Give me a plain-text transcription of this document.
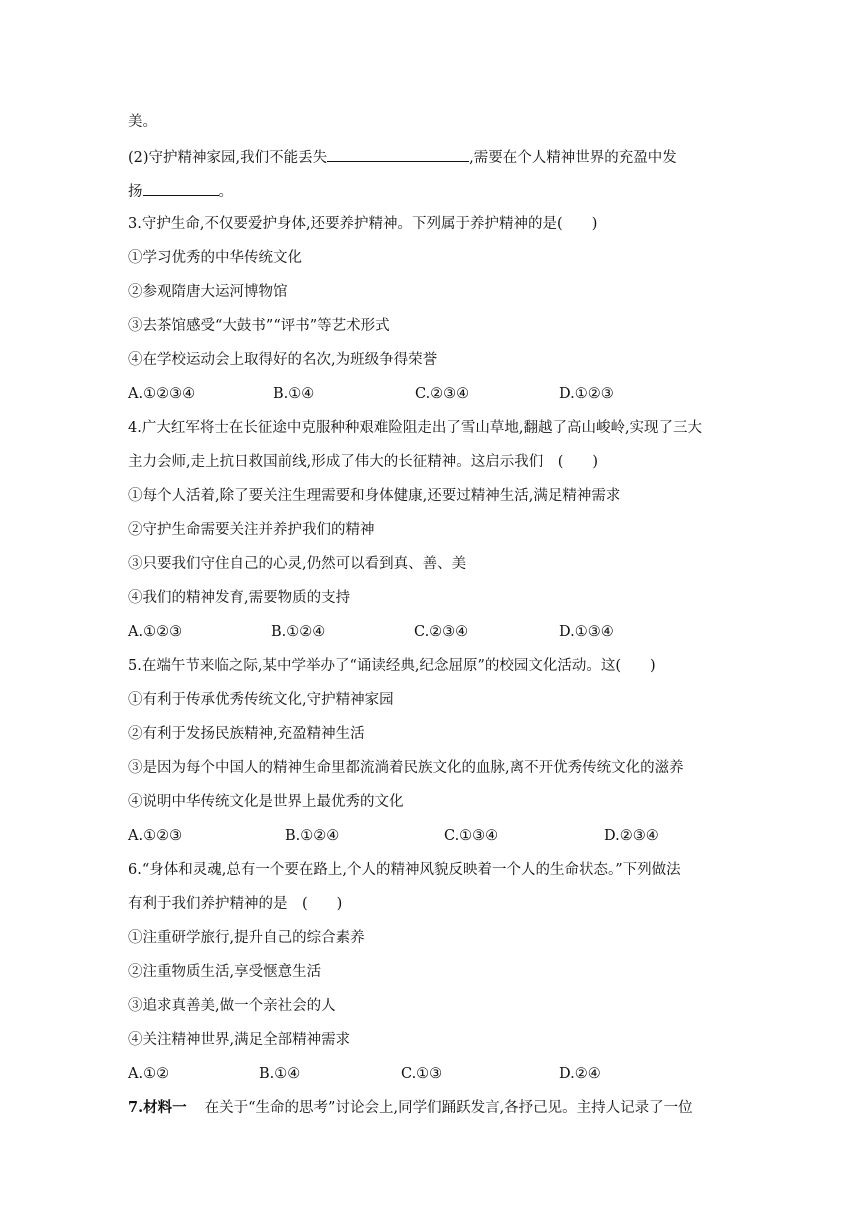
美。
(2)守护精神家园,我们不能丢失	,需要在个人精神世界的充盈中发
扬	。
3.守护生命,不仅要爱护身体,还要养护精神。下列属于养护精神的是(　　)
①学习优秀的中华传统文化
②参观隋唐大运河博物馆
③去茶馆感受“大鼓书”“评书”等艺术形式
④在学校运动会上取得好的名次,为班级争得荣誉
A.①②③④	B.①④	C.②③④	D.①②③
4.广大红军将士在长征途中克服种种艰难险阻走出了雪山草地,翻越了高山峻岭,实现了三大
主力会师,走上抗日救国前线,形成了伟大的长征精神。这启示我们　(　　)
①每个人活着,除了要关注生理需要和身体健康,还要过精神生活,满足精神需求
②守护生命需要关注并养护我们的精神
③只要我们守住自己的心灵,仍然可以看到真、善、美
④我们的精神发育,需要物质的支持
A.①②③	B.①②④	C.②③④	D.①③④
5.在端午节来临之际,某中学举办了“诵读经典,纪念屈原”的校园文化活动。这(　　)
①有利于传承优秀传统文化,守护精神家园
②有利于发扬民族精神,充盈精神生活
③是因为每个中国人的精神生命里都流淌着民族文化的血脉,离不开优秀传统文化的滋养
④说明中华传统文化是世界上最优秀的文化
A.①②③	B.①②④	C.①③④	D.②③④
6.“身体和灵魂,总有一个要在路上,个人的精神风貌反映着一个人的生命状态。”下列做法
有利于我们养护精神的是　(　　)
①注重研学旅行,提升自己的综合素养
②注重物质生活,享受惬意生活
③追求真善美,做一个亲社会的人
④关注精神世界,满足全部精神需求
A.①②	B.①④	C.①③	D.②④
7.材料一 在关于“生命的思考”讨论会上,同学们踊跃发言,各抒己见。主持人记录了一位
